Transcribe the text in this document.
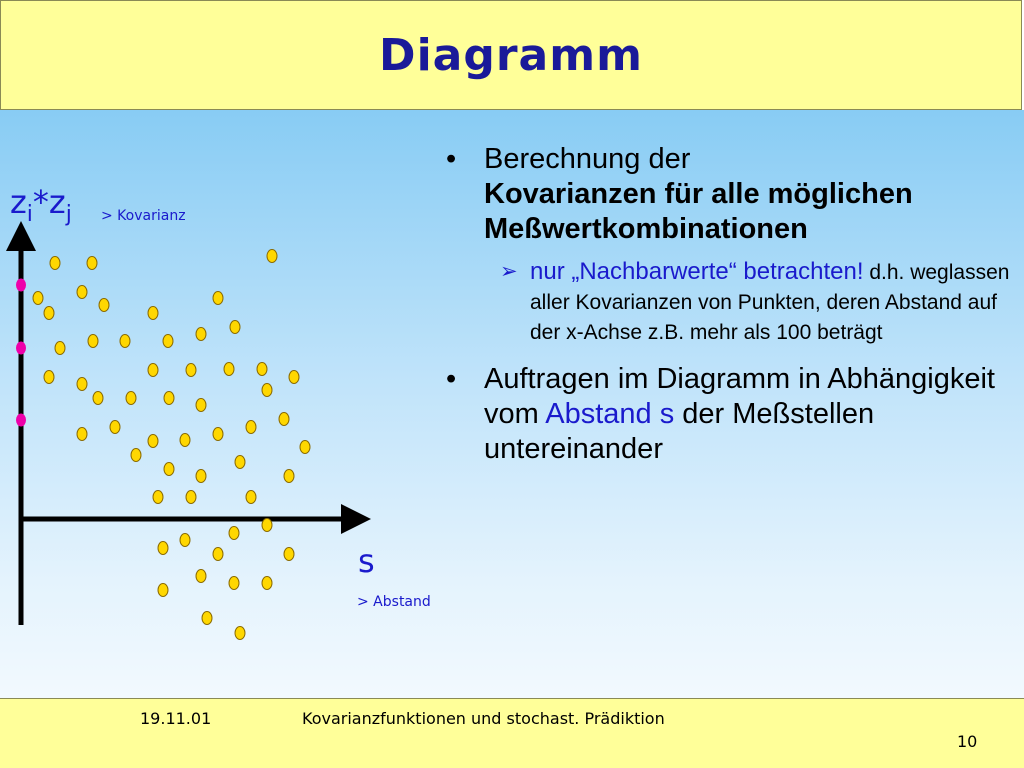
Diagramm
$z_i*z_j$ > Kovarianz
s
> Abstand
• Berechnung der
Kovarianzen für alle möglichen Meßwertkombinationen
➢ nur „Nachbarwerte“ betrachten! d.h. weglassen aller Kovarianzen von Punkten, deren Abstand auf der x-Achse z.B. mehr als 100 beträgt
• Auftragen im Diagramm in Abhängigkeit vom Abstand s der Meßstellen untereinander
19.11.01	Kovarianzfunktionen und stochast. Prädiktion
10
